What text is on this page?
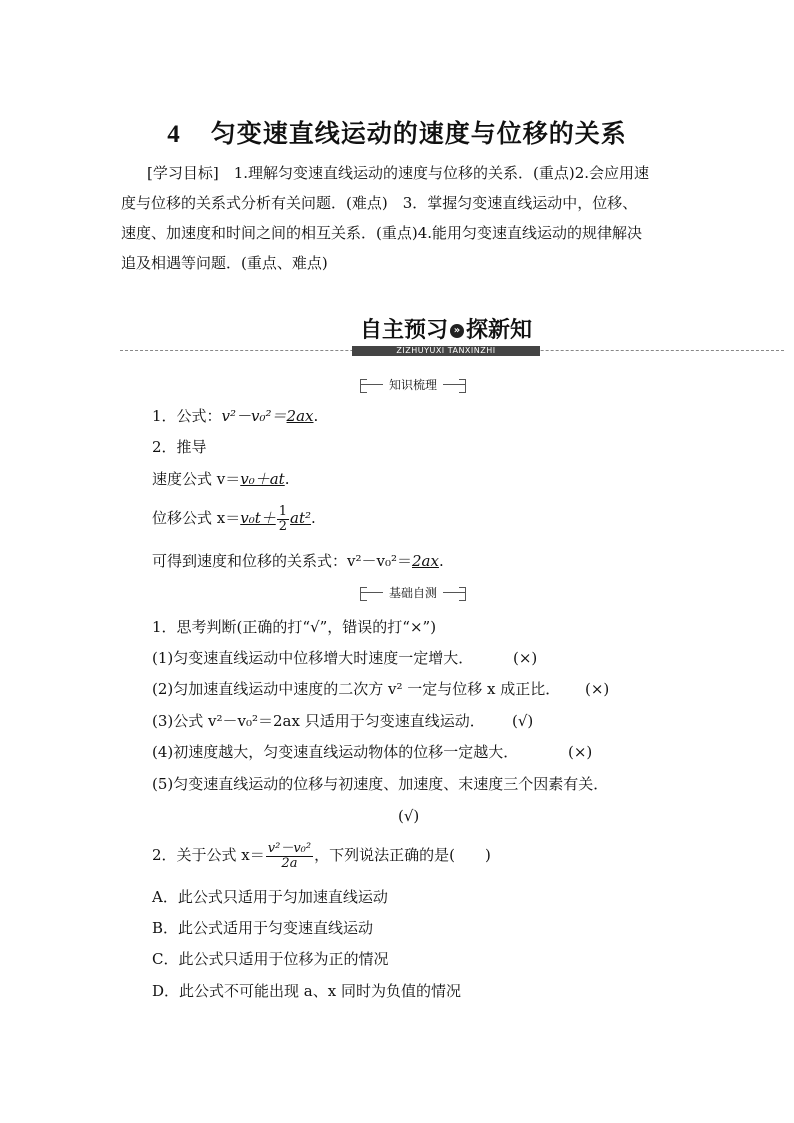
4 匀变速直线运动的速度与位移的关系
[学习目标]　1.理解匀变速直线运动的速度与位移的关系．(重点)2.会应用速
度与位移的关系式分析有关问题．(难点)　3．掌握匀变速直线运动中，位移、
速度、加速度和时间之间的相互关系．(重点)4.能用匀变速直线运动的规律解决
追及相遇等问题．(重点、难点)
自主预习 » 探新知
ZIZHUYUXI TANXINZHI
知识梳理
1．公式：v²－v₀²＝2ax.
2．推导
速度公式 v＝v₀＋at.
位移公式 $x=v_0t+ \frac{1}{2} at^2$.
可得到速度和位移的关系式：v²－v₀²＝2ax.
基础自测
1．思考判断(正确的打“√”，错误的打“×”)
(1)匀变速直线运动中位移增大时速度一定增大．	(×)
(2)匀加速直线运动中速度的二次方 v² 一定与位移 x 成正比． (×)
(3)公式 v²－v₀²＝2ax 只适用于匀变速直线运动． (√)
(4)初速度越大，匀变速直线运动物体的位移一定越大．	(×)
(5)匀变速直线运动的位移与初速度、加速度、末速度三个因素有关．
(√)
2．关于公式 $x= \frac{\text{v²－v₀²}}{2a}$ ，下列说法正确的是(　　)
A．此公式只适用于匀加速直线运动
B．此公式适用于匀变速直线运动
C．此公式只适用于位移为正的情况
D．此公式不可能出现 a、x 同时为负值的情况
